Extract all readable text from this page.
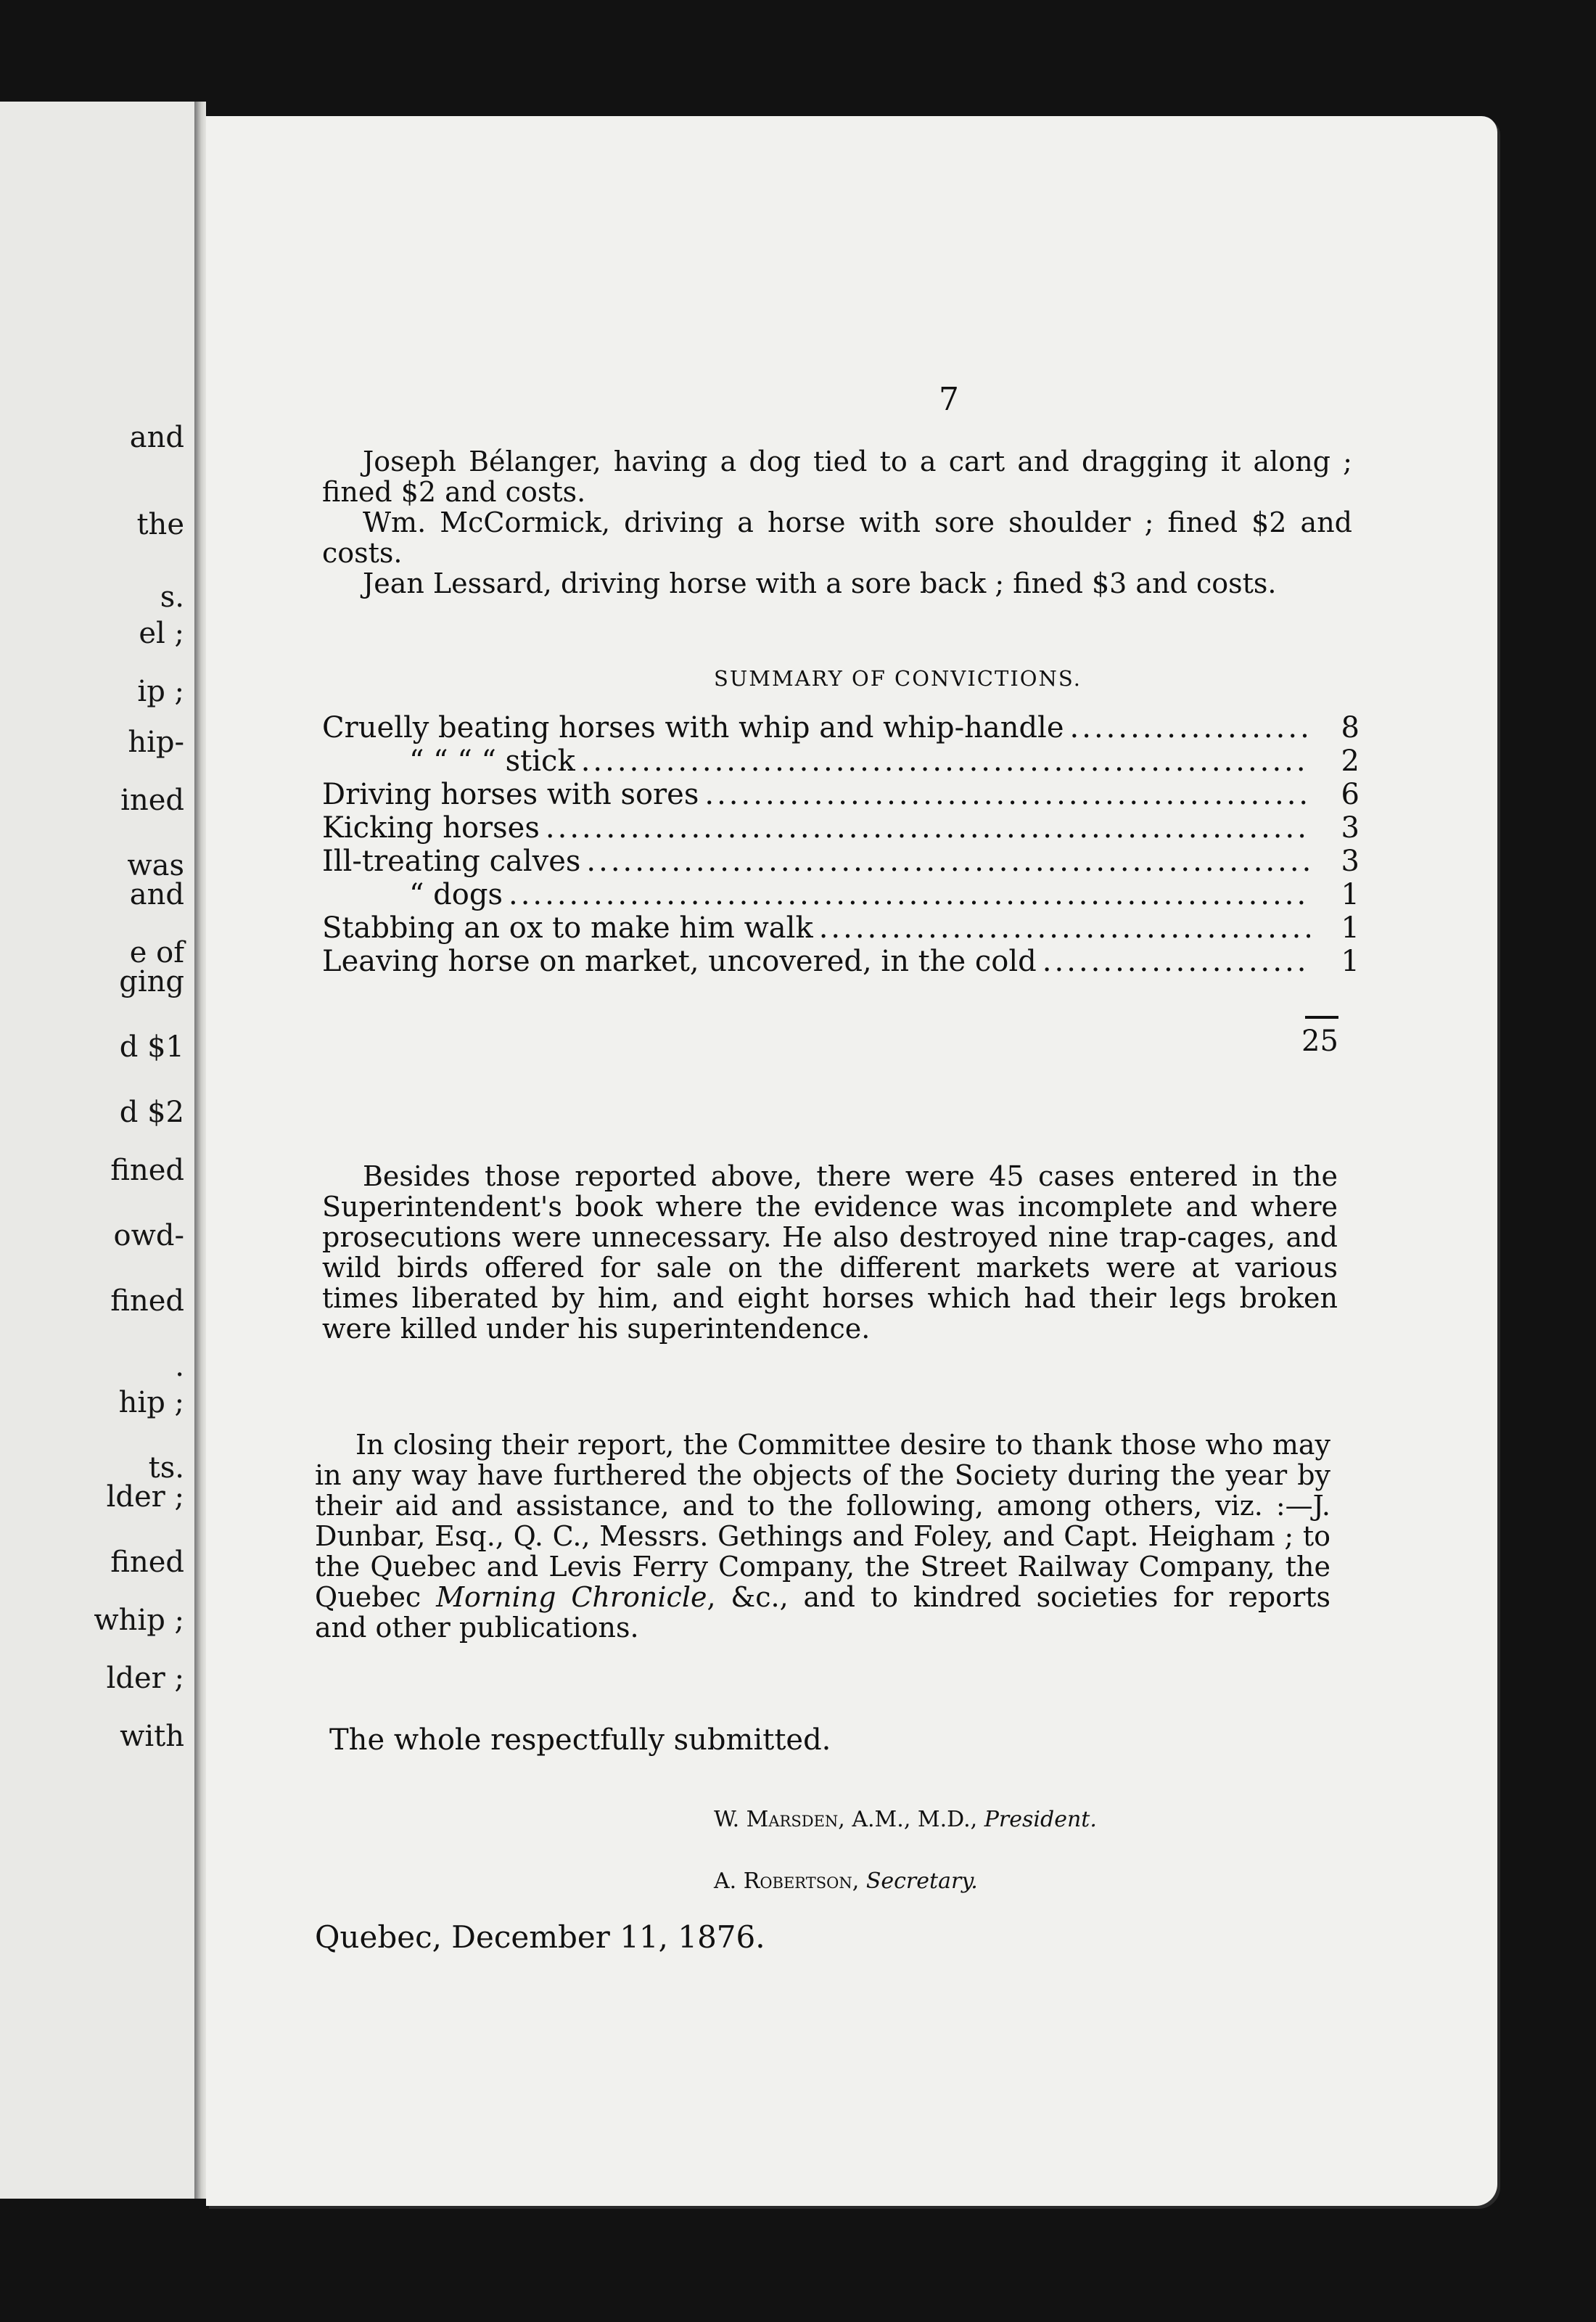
and
the
s.
el ;
ip ;
hip-
ined
was
and
e of
ging
d $1
d $2
fined
owd-
fined
.
hip ;
ts.
lder ;
fined
whip ;
lder ;
with
7

Joseph Bélanger, having a dog tied to a cart and dragging it along ; fined $2 and costs.

Wm. McCormick, driving a horse with sore shoulder ; fined $2 and costs.

Jean Lessard, driving horse with a sore back ; fined $3 and costs.

SUMMARY OF CONVICTIONS.
Cruelly beating horses with whip and whip-handle .....	8
“ “ “ “ stick .....	2
Driving horses with sores .....	6
Kicking horses .....	3
Ill-treating calves .....	3
“ dogs .....	1
Stabbing an ox to make him walk .....	1
Leaving horse on market, uncovered, in the cold .....	1
25

Besides those reported above, there were 45 cases entered in the Superintendent's book where the evidence was incomplete and where prosecutions were unnecessary. He also destroyed nine trap-cages, and wild birds offered for sale on the different markets were at various times liberated by him, and eight horses which had their legs broken were killed under his superintendence.

In closing their report, the Committee desire to thank those who may in any way have furthered the objects of the Society during the year by their aid and assistance, and to the following, among others, viz. :—J. Dunbar, Esq., Q. C., Messrs. Gethings and Foley, and Capt. Heigham ; to the Quebec and Levis Ferry Company, the Street Railway Company, the Quebec Morning Chronicle, &c., and to kindred societies for reports and other publications.

The whole respectfully submitted.
W. Marsden, A.M., M.D., President.
A. Robertson, Secretary.
Quebec, December 11, 1876.
